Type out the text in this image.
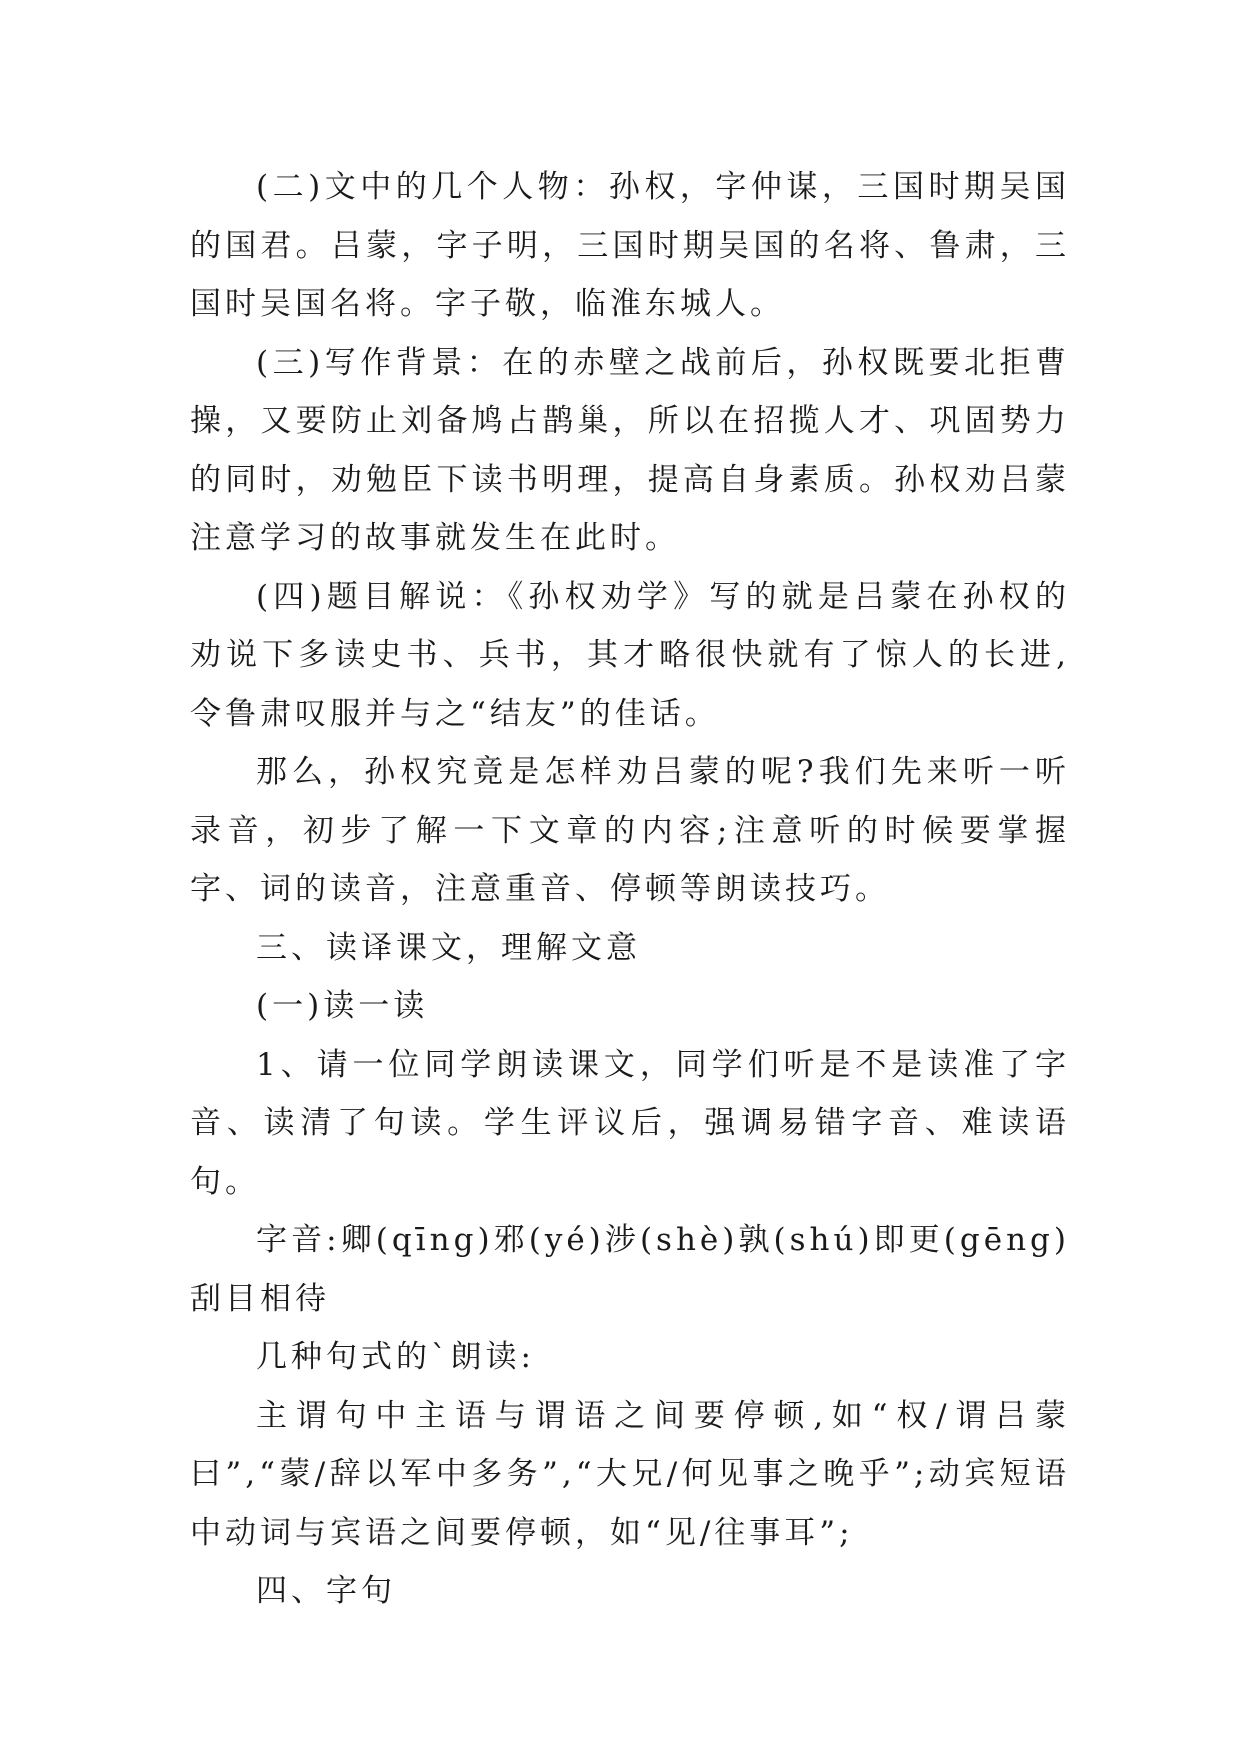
(二)文中的几个人物：孙权，字仲谋，三国时期吴国的国君。吕蒙，字子明，三国时期吴国的名将、鲁肃，三国时吴国名将。字子敬，临淮东城人。

(三)写作背景：在的赤壁之战前后，孙权既要北拒曹操，又要防止刘备鸠占鹊巢，所以在招揽人才、巩固势力的同时，劝勉臣下读书明理，提高自身素质。孙权劝吕蒙注意学习的故事就发生在此时。

(四)题目解说：《孙权劝学》写的就是吕蒙在孙权的劝说下多读史书、兵书，其才略很快就有了惊人的长进,令鲁肃叹服并与之“结友”的佳话。

那么，孙权究竟是怎样劝吕蒙的呢?我们先来听一听录音，初步了解一下文章的内容;注意听的时候要掌握字、词的读音，注意重音、停顿等朗读技巧。

三、读译课文，理解文意

(一)读一读

1、请一位同学朗读课文，同学们听是不是读准了字音、读清了句读。学生评议后，强调易错字音、难读语句。

字音:卿(qīng)邪(yé)涉(shè)孰(shú)即更(gēng)刮目相待

几种句式的`朗读:

主谓句中主语与谓语之间要停顿,如“权/谓吕蒙曰”,“蒙/辞以军中多务”,“大兄/何见事之晚乎”;动宾短语中动词与宾语之间要停顿，如“见/往事耳”;

四、字句
